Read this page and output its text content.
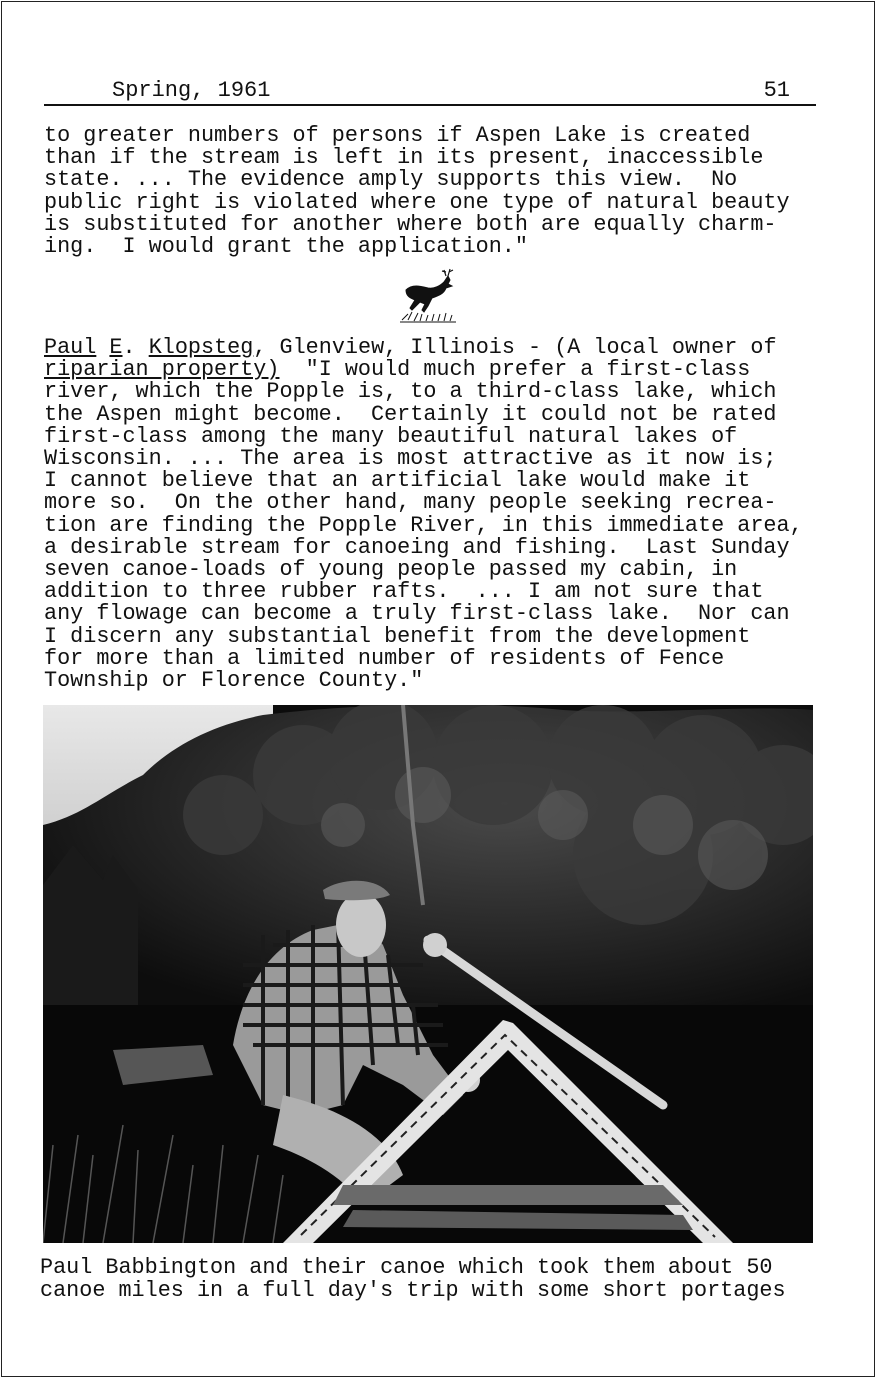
Spring, 1961	51
to greater numbers of persons if Aspen Lake is created
than if the stream is left in its present, inaccessible
state. ... The evidence amply supports this view.  No
public right is violated where one type of natural beauty
is substituted for another where both are equally charm-
ing.  I would grant the application."
Paul E. Klopsteg, Glenview, Illinois - (A local owner of
riparian property)  "I would much prefer a first-class
river, which the Popple is, to a third-class lake, which
the Aspen might become.  Certainly it could not be rated
first-class among the many beautiful natural lakes of
Wisconsin. ... The area is most attractive as it now is;
I cannot believe that an artificial lake would make it
more so.  On the other hand, many people seeking recrea-
tion are finding the Popple River, in this immediate area,
a desirable stream for canoeing and fishing.  Last Sunday
seven canoe-loads of young people passed my cabin, in
addition to three rubber rafts.  ... I am not sure that
any flowage can become a truly first-class lake.  Nor can
I discern any substantial benefit from the development
for more than a limited number of residents of Fence
Township or Florence County."
Paul Babbington and their canoe which took them about 50
canoe miles in a full day's trip with some short portages
